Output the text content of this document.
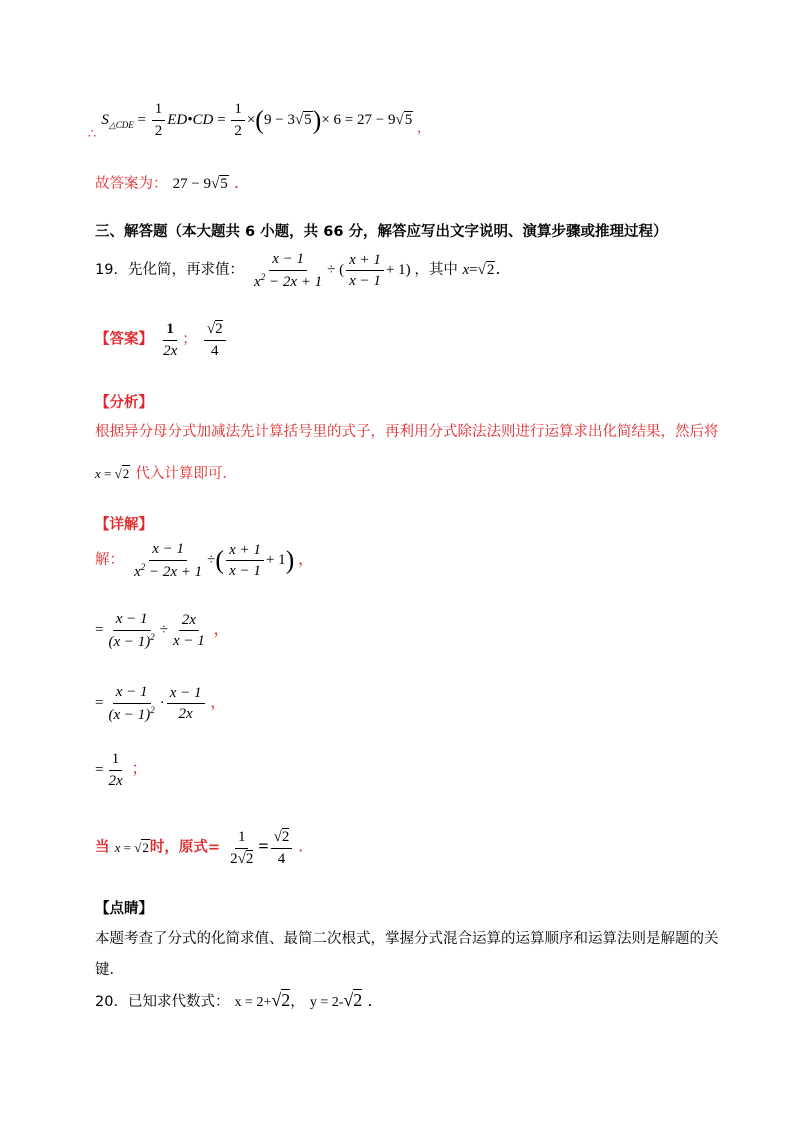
$_\therefore$ $S_{\triangle CDE} = \frac{1}{2}$ ED•CD = $\frac{1}{2} \times(9 - 3√5)\times 6 = 27 - 9√5$ $_,$
故答案为： 27 − 9√5 .
三、解答题（本大题共 6 小题，共 66 分，解答应写出文字说明、演算步骤或推理过程）
19．先化简，再求值： $\frac{x - 1}{x^2 - 2x + 1}$ ÷ ( $\frac{x + 1}{x - 1} + 1$) ，其中 x=√2.
【答案】 $\frac{1}{2x}$ ； $\frac{√2}{4}$
【分析】
根据异分母分式加减法先计算括号里的式子，再利用分式除法法则进行运算求出化简结果，然后将
x = √2 代入计算即可．
【详解】
解： $\frac{x - 1}{x^2 - 2x + 1}$ ÷( $\frac{x + 1}{x - 1} + 1$) ，
= $\frac{x - 1}{(x - 1)^2} \div \frac{2x}{x - 1}$ ，
= $\frac{x - 1}{(x - 1)^2} \cdot \frac{x - 1}{2x}$ ，
= $\frac{1}{2x}$ ；
当 x = √2时，原式= $\frac{1}{2√2} = \frac{√2}{4}$ .
【点睛】
本题考查了分式的化简求值、最简二次根式，掌握分式混合运算的运算顺序和运算法则是解题的关
键．
20．已知求代数式： x = 2+√2， y = 2-√2 .
